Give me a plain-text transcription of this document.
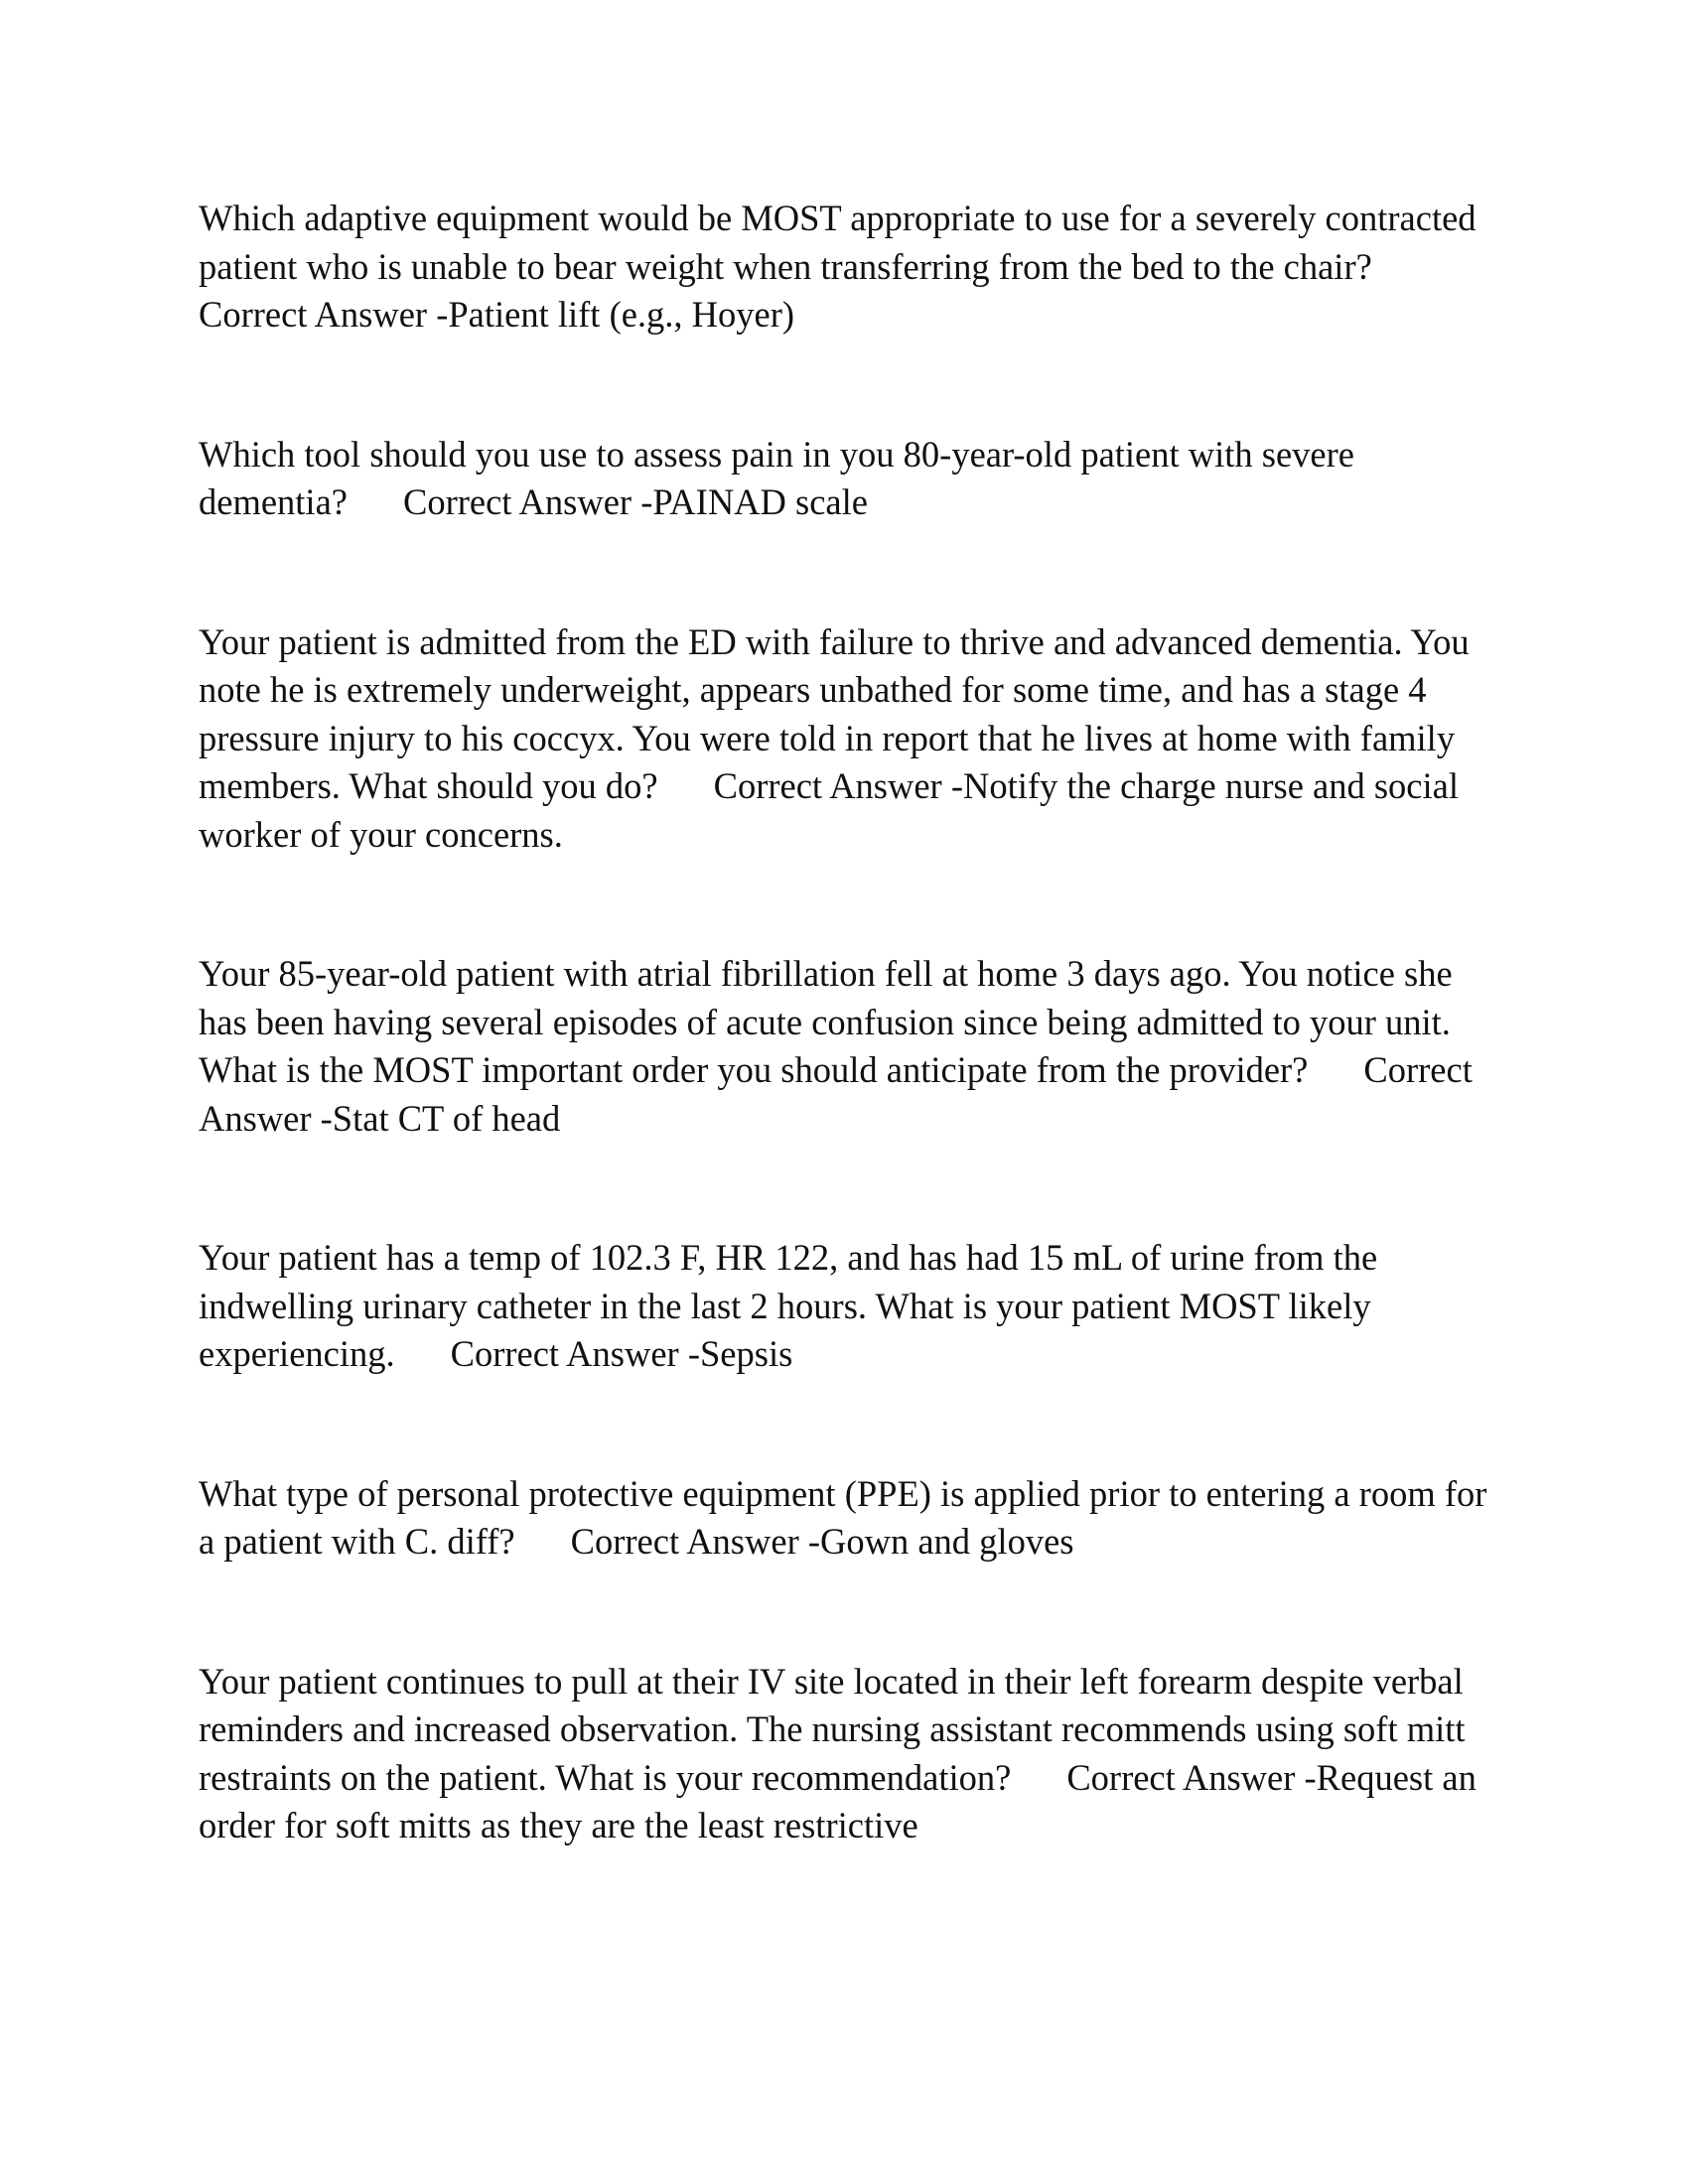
Which adaptive equipment would be MOST appropriate to use for a severely contracted patient who is unable to bear weight when transferring from the bed to the chair?Correct Answer -Patient lift (e.g., Hoyer)

Which tool should you use to assess pain in you 80-year-old patient with severe dementia? Correct Answer -PAINAD scale

Your patient is admitted from the ED with failure to thrive and advanced dementia. You note he is extremely underweight, appears unbathed for some time, and has a stage 4 pressure injury to his coccyx. You were told in report that he lives at home with family members. What should you do? Correct Answer -Notify the charge nurse and social worker of your concerns.

Your 85-year-old patient with atrial fibrillation fell at home 3 days ago. You notice she has been having several episodes of acute confusion since being admitted to your unit. What is the MOST important order you should anticipate from the provider? Correct Answer -Stat CT of head

Your patient has a temp of 102.3 F, HR 122, and has had 15 mL of urine from the indwelling urinary catheter in the last 2 hours. What is your patient MOST likely experiencing. Correct Answer -Sepsis

What type of personal protective equipment (PPE) is applied prior to entering a room for a patient with C. diff? Correct Answer -Gown and gloves

Your patient continues to pull at their IV site located in their left forearm despite verbal reminders and increased observation. The nursing assistant recommends using soft mitt restraints on the patient. What is your recommendation? Correct Answer -Request an order for soft mitts as they are the least restrictive
